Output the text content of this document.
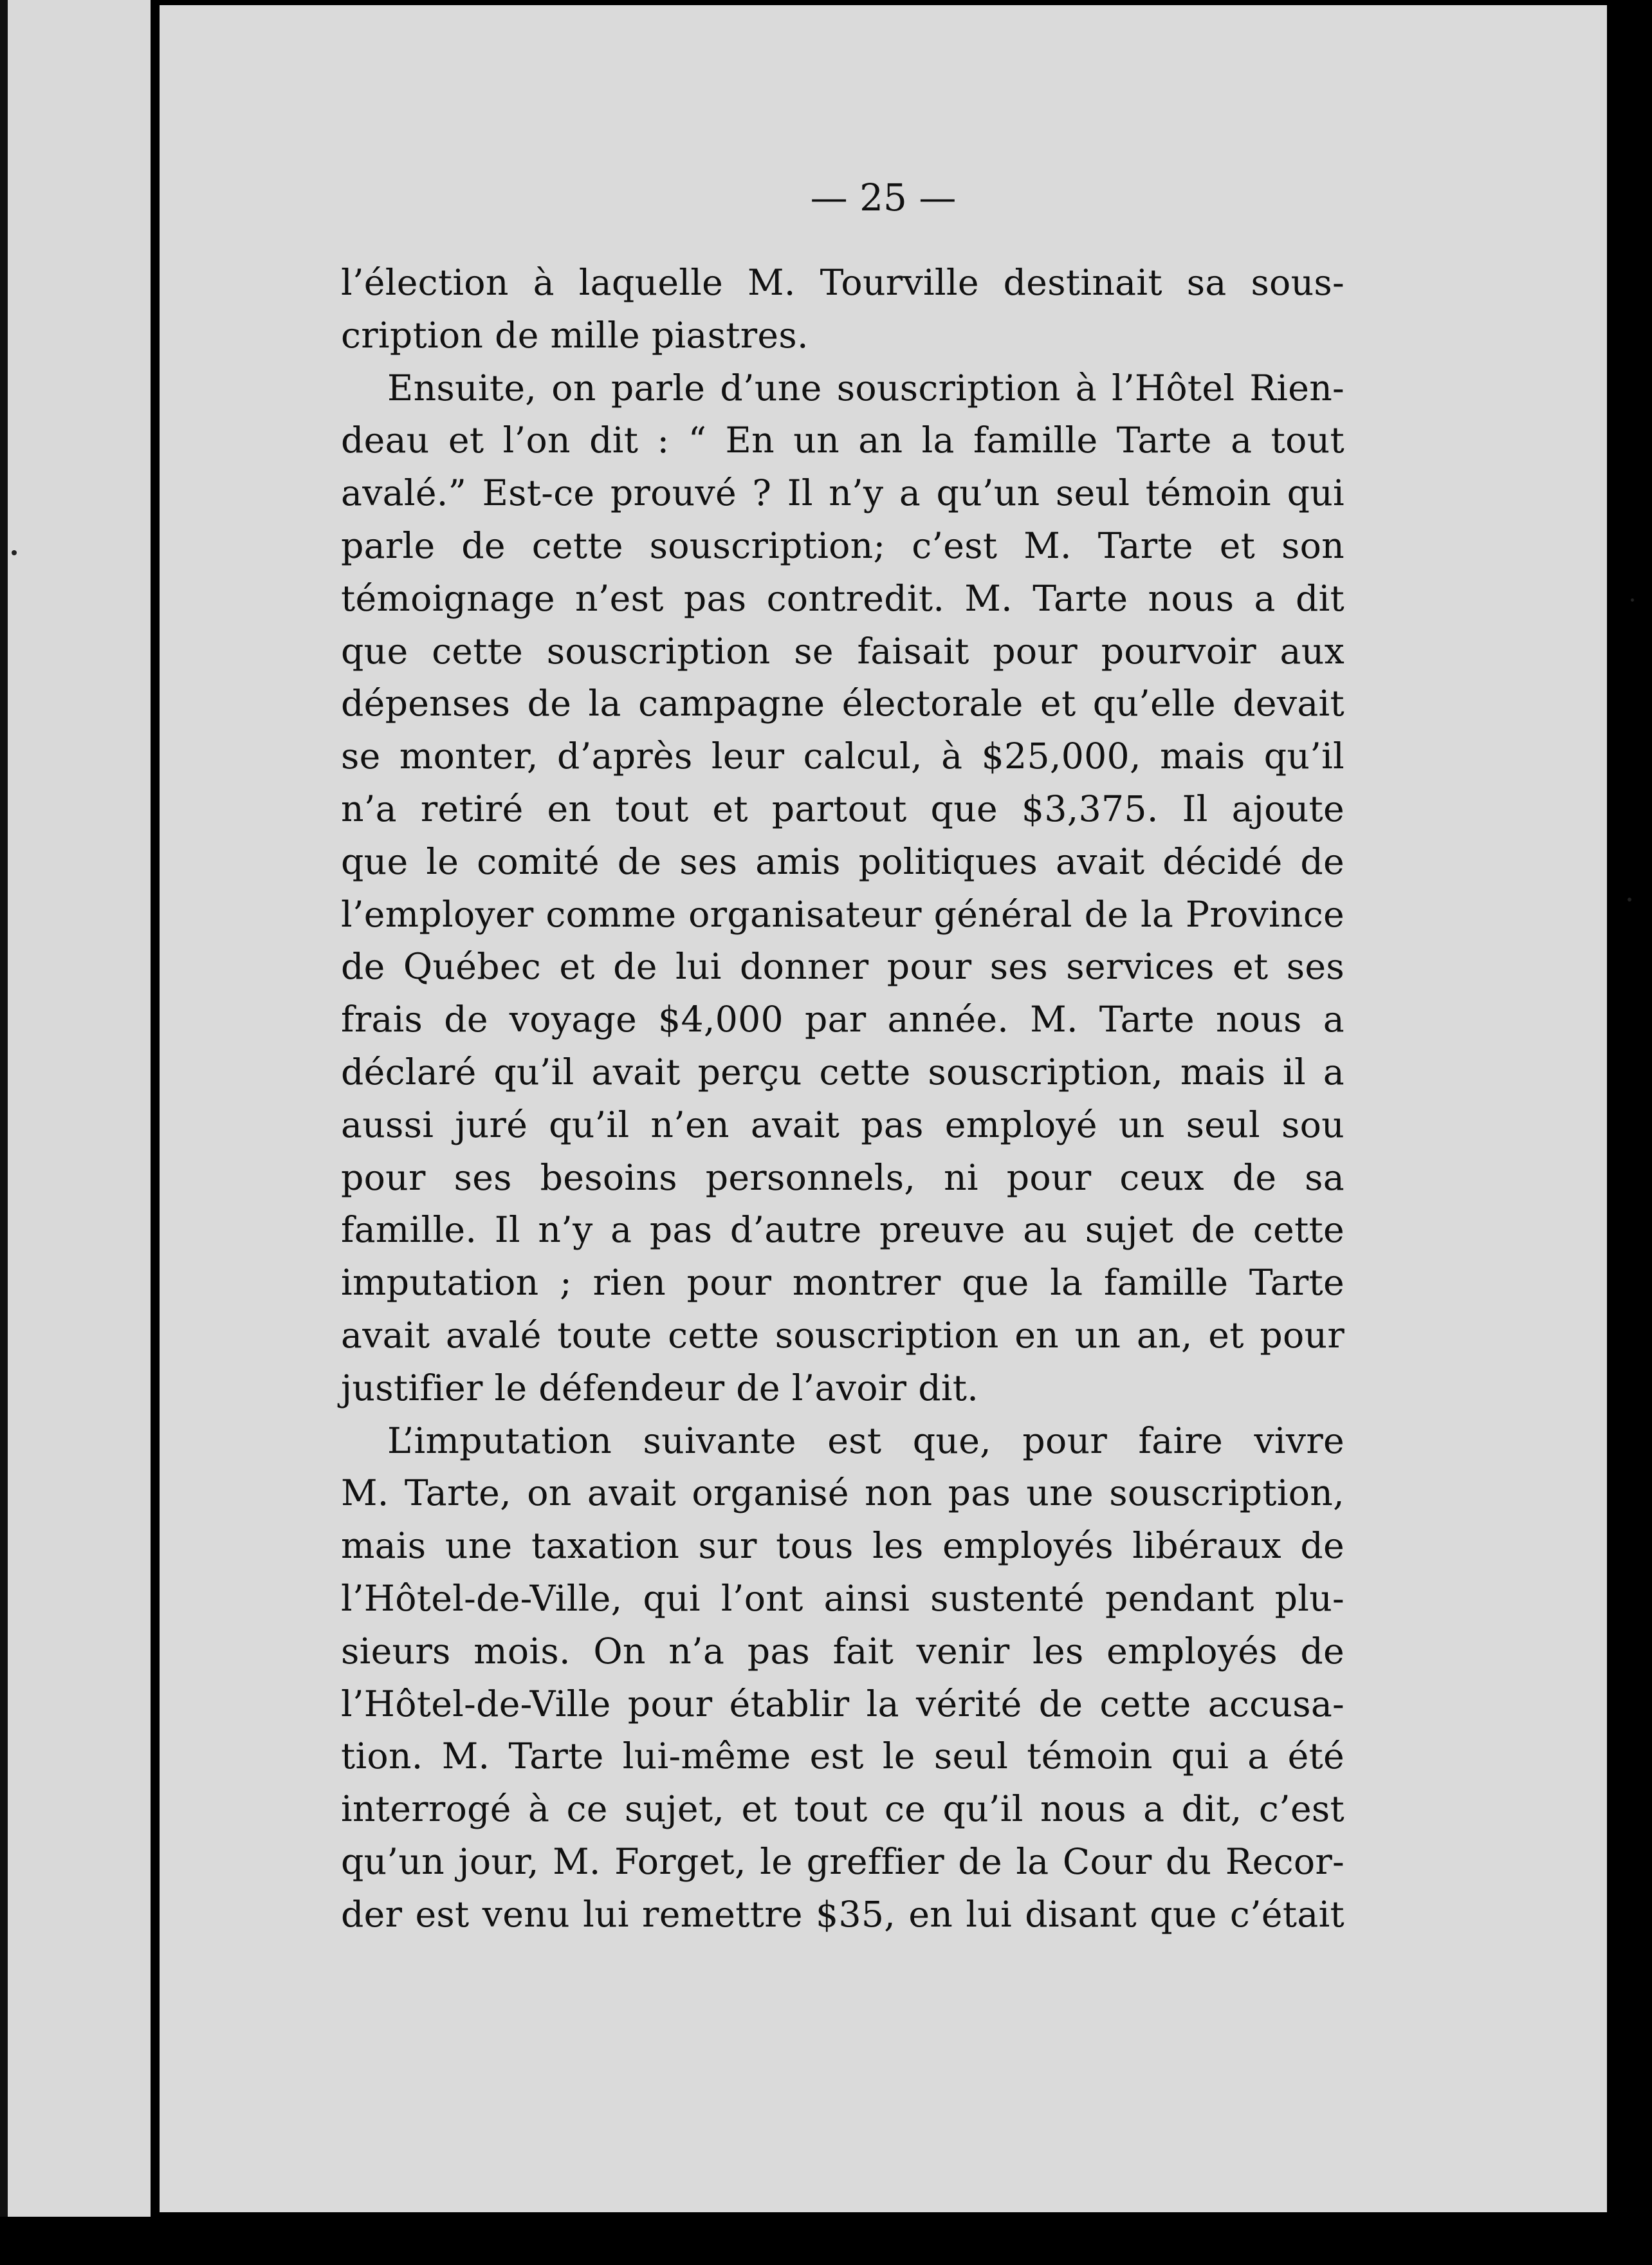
— 25 —
l’élection à laquelle M. Tourville destinait sa sous-
cription de mille piastres.
Ensuite, on parle d’une souscription à l’Hôtel Rien-
deau et l’on dit : “ En un an la famille Tarte a tout
avalé.” Est-ce prouvé ? Il n’y a qu’un seul témoin qui
parle de cette souscription; c’est M. Tarte et son
témoignage n’est pas contredit. M. Tarte nous a dit
que cette souscription se faisait pour pourvoir aux
dépenses de la campagne électorale et qu’elle devait
se monter, d’après leur calcul, à $25,000, mais qu’il
n’a retiré en tout et partout que $3,375. Il ajoute
que le comité de ses amis politiques avait décidé de
l’employer comme organisateur général de la Province
de Québec et de lui donner pour ses services et ses
frais de voyage $4,000 par année. M. Tarte nous a
déclaré qu’il avait perçu cette souscription, mais il a
aussi juré qu’il n’en avait pas employé un seul sou
pour ses besoins personnels, ni pour ceux de sa
famille. Il n’y a pas d’autre preuve au sujet de cette
imputation ; rien pour montrer que la famille Tarte
avait avalé toute cette souscription en un an, et pour
justifier le défendeur de l’avoir dit.
L’imputation suivante est que, pour faire vivre
M. Tarte, on avait organisé non pas une souscription,
mais une taxation sur tous les employés libéraux de
l’Hôtel-de-Ville, qui l’ont ainsi sustenté pendant plu-
sieurs mois. On n’a pas fait venir les employés de
l’Hôtel-de-Ville pour établir la vérité de cette accusa-
tion. M. Tarte lui-même est le seul témoin qui a été
interrogé à ce sujet, et tout ce qu’il nous a dit, c’est
qu’un jour, M. Forget, le greffier de la Cour du Recor-
der est venu lui remettre $35, en lui disant que c’était
